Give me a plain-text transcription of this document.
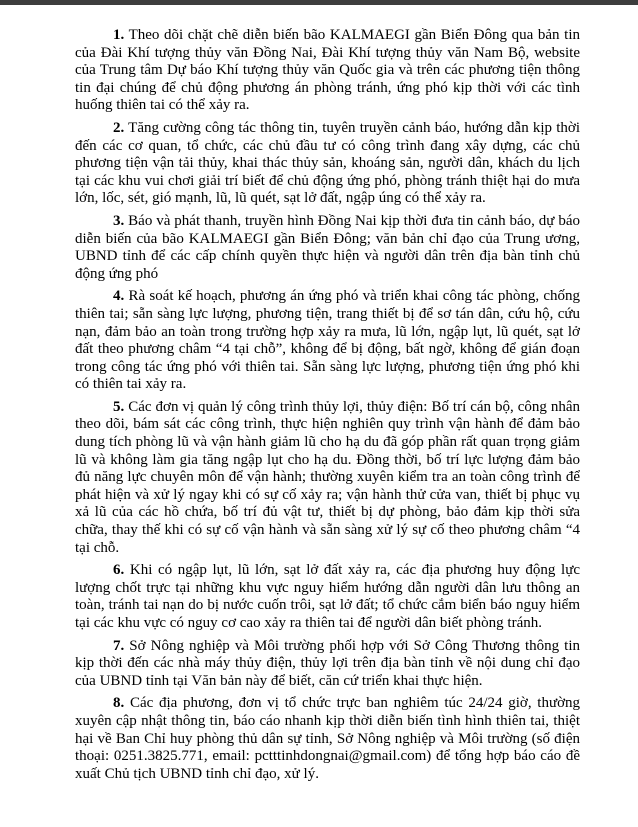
1. Theo dõi chặt chẽ diễn biến bão KALMAEGI gần Biển Đông qua bản tin của Đài Khí tượng thủy văn Đồng Nai, Đài Khí tượng thủy văn Nam Bộ, website của Trung tâm Dự báo Khí tượng thủy văn Quốc gia và trên các phương tiện thông tin đại chúng để chủ động phương án phòng tránh, ứng phó kịp thời với các tình huống thiên tai có thể xảy ra.

2. Tăng cường công tác thông tin, tuyên truyền cảnh báo, hướng dẫn kịp thời đến các cơ quan, tổ chức, các chủ đầu tư có công trình đang xây dựng, các chủ phương tiện vận tải thủy, khai thác thủy sản, khoáng sản, người dân, khách du lịch tại các khu vui chơi giải trí biết để chủ động ứng phó, phòng tránh thiệt hại do mưa lớn, lốc, sét, gió mạnh, lũ, lũ quét, sạt lở đất, ngập úng có thể xảy ra.

3. Báo và phát thanh, truyền hình Đồng Nai kịp thời đưa tin cảnh báo, dự báo diễn biến của bão KALMAEGI gần Biển Đông; văn bản chỉ đạo của Trung ương, UBND tỉnh để các cấp chính quyền thực hiện và người dân trên địa bàn tỉnh chủ động ứng phó

4. Rà soát kế hoạch, phương án ứng phó và triển khai công tác phòng, chống thiên tai; sẵn sàng lực lượng, phương tiện, trang thiết bị để sơ tán dân, cứu hộ, cứu nạn, đảm bảo an toàn trong trường hợp xảy ra mưa, lũ lớn, ngập lụt, lũ quét, sạt lở đất theo phương châm “4 tại chỗ”, không để bị động, bất ngờ, không để gián đoạn trong công tác ứng phó với thiên tai. Sẵn sàng lực lượng, phương tiện ứng phó khi có thiên tai xảy ra.

5. Các đơn vị quản lý công trình thủy lợi, thủy điện: Bố trí cán bộ, công nhân theo dõi, bám sát các công trình, thực hiện nghiên quy trình vận hành để đảm bảo dung tích phòng lũ và vận hành giảm lũ cho hạ du đã góp phần rất quan trọng giảm lũ và không làm gia tăng ngập lụt cho hạ du. Đồng thời, bố trí lực lượng đảm bảo đủ năng lực chuyên môn để vận hành; thường xuyên kiểm tra an toàn công trình để phát hiện và xử lý ngay khi có sự cố xảy ra; vận hành thử cửa van, thiết bị phục vụ xả lũ của các hồ chứa, bố trí đủ vật tư, thiết bị dự phòng, bảo đảm kịp thời sửa chữa, thay thế khi có sự cố vận hành và sẵn sàng xử lý sự cố theo phương châm “4 tại chỗ.

6. Khi có ngập lụt, lũ lớn, sạt lở đất xảy ra, các địa phương huy động lực lượng chốt trực tại những khu vực nguy hiểm hướng dẫn người dân lưu thông an toàn, tránh tai nạn do bị nước cuốn trôi, sạt lở đất; tổ chức cắm biển báo nguy hiểm tại các khu vực có nguy cơ cao xảy ra thiên tai để người dân biết phòng tránh.

7. Sở Nông nghiệp và Môi trường phối hợp với Sở Công Thương thông tin kịp thời đến các nhà máy thủy điện, thủy lợi trên địa bàn tỉnh về nội dung chỉ đạo của UBND tỉnh tại Văn bản này để biết, căn cứ triển khai thực hiện.

8. Các địa phương, đơn vị tổ chức trực ban nghiêm túc 24/24 giờ, thường xuyên cập nhật thông tin, báo cáo nhanh kịp thời diễn biến tình hình thiên tai, thiệt hại về Ban Chỉ huy phòng thủ dân sự tỉnh, Sở Nông nghiệp và Môi trường (số điện thoại: 0251.3825.771, email: pctttinhdongnai@gmail.com) để tổng hợp báo cáo đề xuất Chủ tịch UBND tỉnh chỉ đạo, xử lý.
